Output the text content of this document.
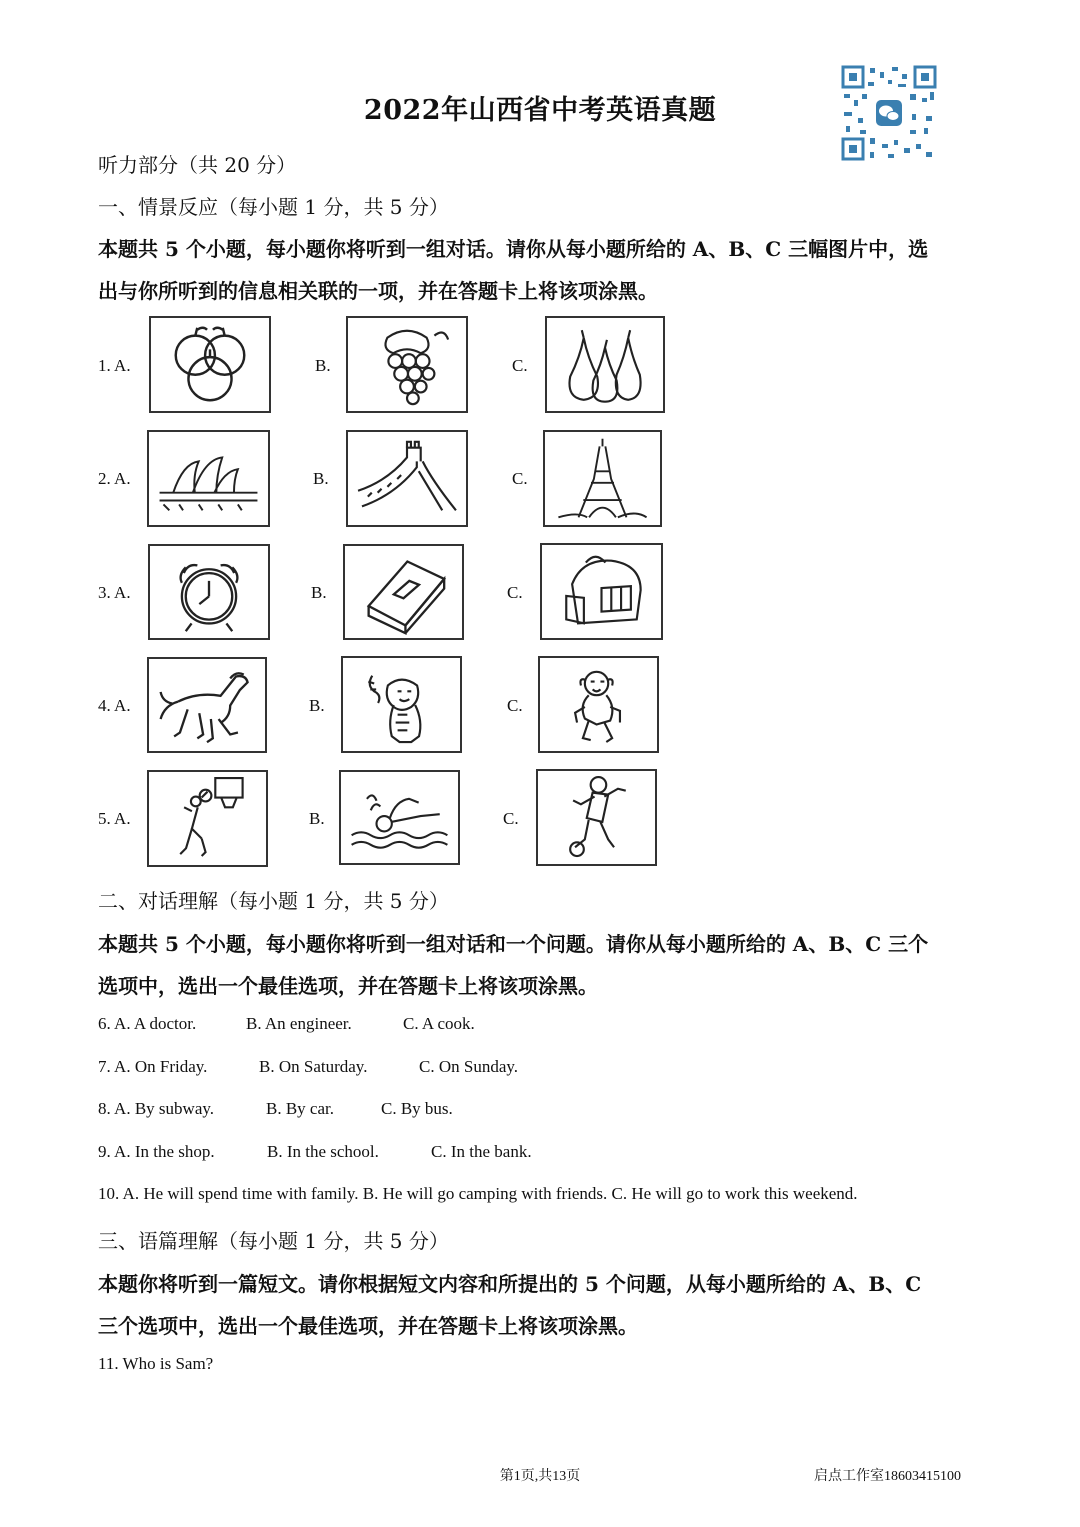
2022年山西省中考英语真题
听力部分（共 20 分）
一、情景反应（每小题 1 分，共 5 分）
本题共 5 个小题，每小题你将听到一组对话。请你从每小题所给的 A、B、C 三幅图片中，选
出与你所听到的信息相关联的一项，并在答题卡上将该项涂黑。
1. A.	B.	C.
2. A.	B.	C.
3. A.	B.	C.
4. A.	B.	C.
5. A.	B.	C.
二、对话理解（每小题 1 分，共 5 分）
本题共 5 个小题，每小题你将听到一组对话和一个问题。请你从每小题所给的 A、B、C 三个
选项中，选出一个最佳选项，并在答题卡上将该项涂黑。
6. A. A doctor.	B. An engineer.	C. A cook.
7. A. On Friday.	B. On Saturday.	C. On Sunday.
8. A. By subway.	B. By car.	C. By bus.
9. A. In the shop.	B. In the school.	C. In the bank.
10. A. He will spend time with family. B. He will go camping with friends. C. He will go to work this weekend.
三、语篇理解（每小题 1 分，共 5 分）
本题你将听到一篇短文。请你根据短文内容和所提出的 5 个问题，从每小题所给的 A、B、C
三个选项中，选出一个最佳选项，并在答题卡上将该项涂黑。
11. Who is Sam?
第1页,共13页	启点工作室18603415100
